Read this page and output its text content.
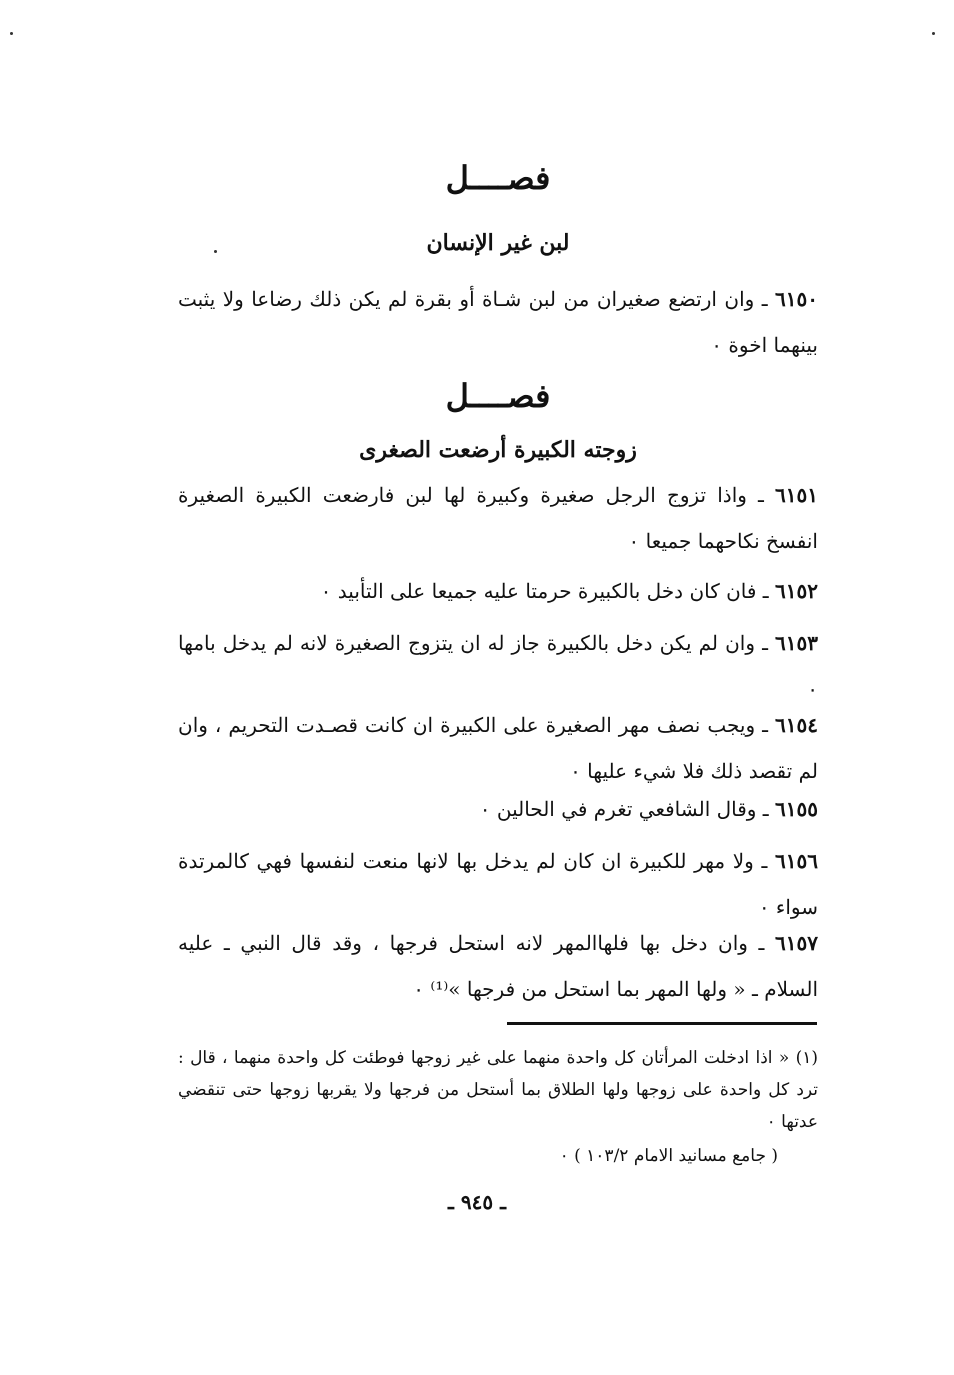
فصــــل
لبن غير الإنسان
٦١٥٠ ـ وان ارتضع صغيران من لبن شـاة أو بقرة لم يكن ذلك رضاعا ولا يثبت بينهما اخوة ٠
فصــــل
زوجته الكبيرة أرضعت الصغرى
٦١٥١ ـ واذا تزوج الرجل صغيرة وكبيرة لها لبن فارضعت الكبيرة الصغيرة انفسخ نكاحهما جميعا ٠
٦١٥٢ ـ فان كان دخل بالكبيرة حرمتا عليه جميعا على التأبيد ٠
٦١٥٣ ـ وان لم يكن دخل بالكبيرة جاز له ان يتزوج الصغيرة لانه لم يدخل بامها ٠
٦١٥٤ ـ ويجب نصف مهر الصغيرة على الكبيرة ان كانت قصـدت التحريم ، وان لم تقصد ذلك فلا شيء عليها ٠
٦١٥٥ ـ وقال الشافعي تغرم في الحالين ٠
٦١٥٦ ـ ولا مهر للكبيرة ان كان لم يدخل بها لانها منعت لنفسها فهي كالمرتدة سواء ٠
٦١٥٧ ـ وان دخل بها فلهاالمهر لانه استحل فرجها ، وقد قال النبي ـ عليه السلام ـ « ولها المهر بما استحل من فرجها »⁽¹⁾ ٠
(١) « اذا ادخلت المرأتان كل واحدة منهما على غير زوجها فوطئت كل واحدة منهما ، قال : ترد كل واحدة على زوجها ولها الطلاق بما أستحل من فرجها ولا يقربها زوجها حتى تنقضي عدتها ٠
( جامع مسانيد الامام ١٠٣/٢ ) ٠
ـ ٩٤٥ ـ
